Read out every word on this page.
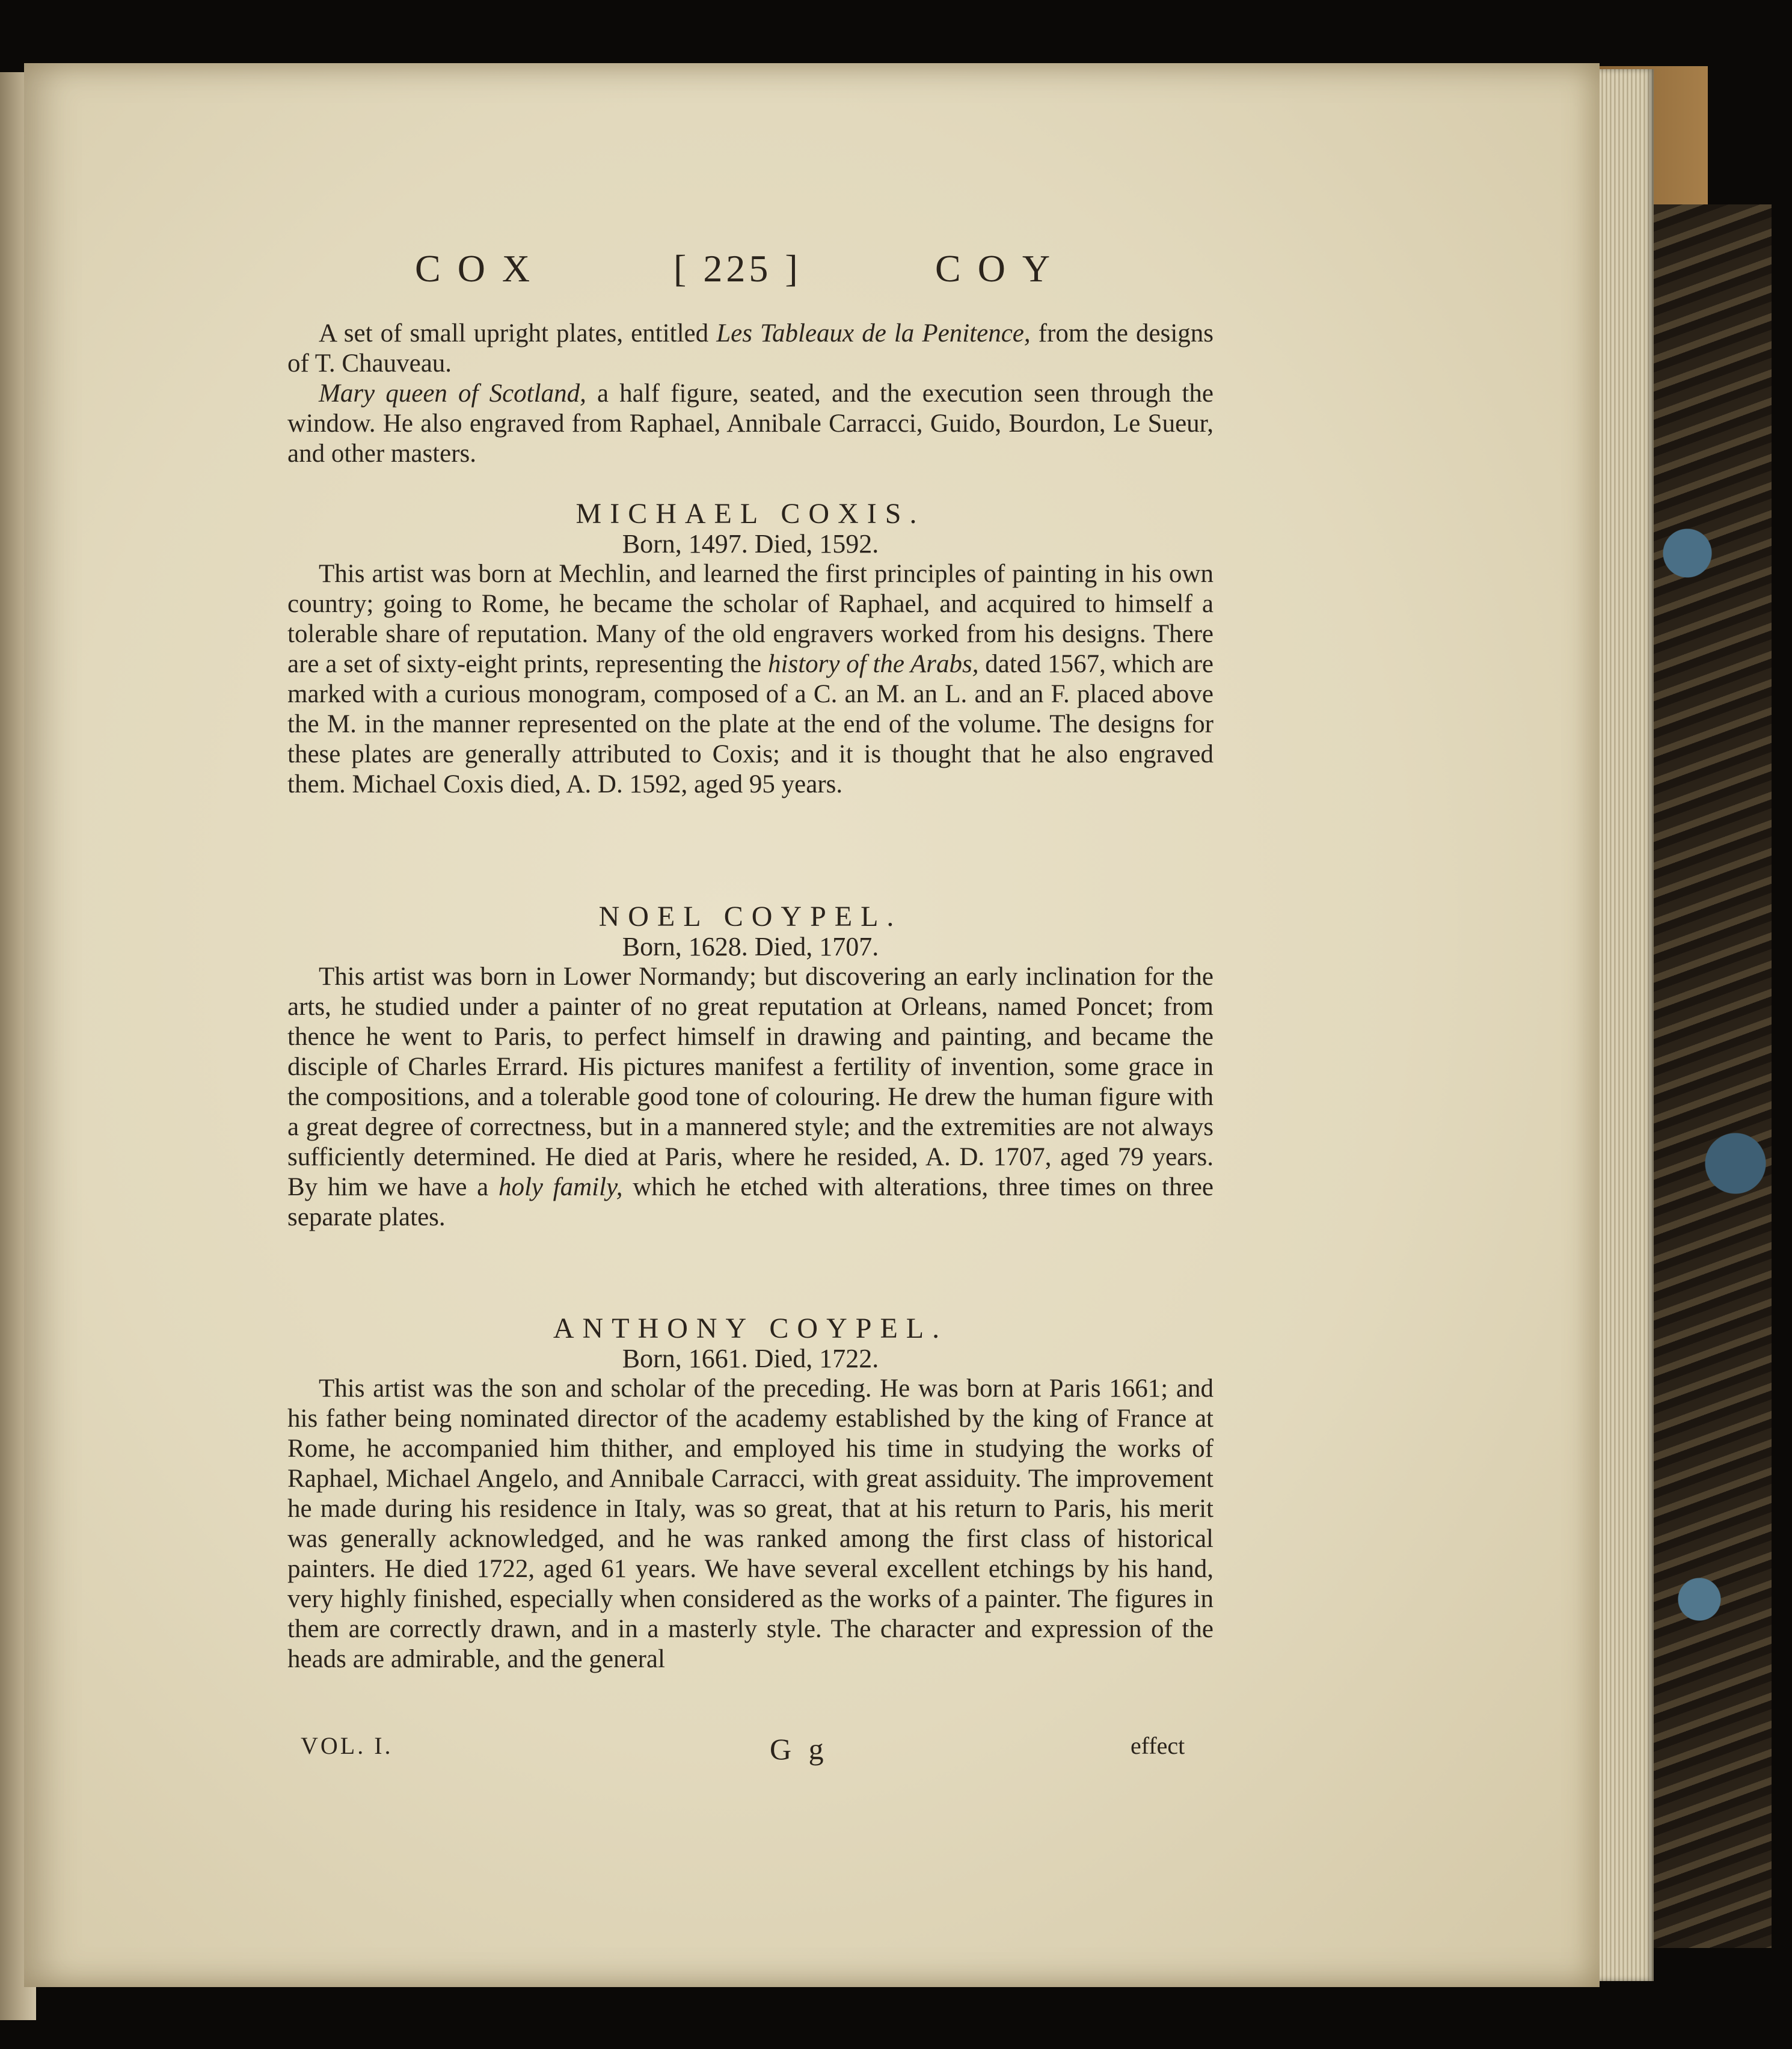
COX	[ 225 ]	COY

A set of small upright plates, entitled Les Tableaux de la Penitence, from the designs of T. Chauveau.

Mary queen of Scotland, a half figure, seated, and the execution seen through the window. He also engraved from Raphael, Annibale Carracci, Guido, Bourdon, Le Sueur, and other masters.

MICHAEL COXIS.

Born, 1497. Died, 1592.

This artist was born at Mechlin, and learned the first principles of painting in his own country; going to Rome, he became the scholar of Raphael, and acquired to himself a tolerable share of reputation. Many of the old engravers worked from his designs. There are a set of sixty-eight prints, representing the history of the Arabs, dated 1567, which are marked with a curious monogram, composed of a C. an M. an L. and an F. placed above the M. in the manner represented on the plate at the end of the volume. The designs for these plates are generally attributed to Coxis; and it is thought that he also engraved them. Michael Coxis died, A. D. 1592, aged 95 years.

NOEL COYPEL.

Born, 1628. Died, 1707.

This artist was born in Lower Normandy; but discovering an early inclination for the arts, he studied under a painter of no great reputation at Orleans, named Poncet; from thence he went to Paris, to perfect himself in drawing and painting, and became the disciple of Charles Errard. His pictures manifest a fertility of invention, some grace in the compositions, and a tolerable good tone of colouring. He drew the human figure with a great degree of correctness, but in a mannered style; and the extremities are not always sufficiently determined. He died at Paris, where he resided, A. D. 1707, aged 79 years. By him we have a holy family, which he etched with alterations, three times on three separate plates.

ANTHONY COYPEL.

Born, 1661. Died, 1722.

This artist was the son and scholar of the preceding. He was born at Paris 1661; and his father being nominated director of the academy established by the king of France at Rome, he accompanied him thither, and employed his time in studying the works of Raphael, Michael Angelo, and Annibale Carracci, with great assiduity. The improvement he made during his residence in Italy, was so great, that at his return to Paris, his merit was generally acknowledged, and he was ranked among the first class of historical painters. He died 1722, aged 61 years. We have several excellent etchings by his hand, very highly finished, especially when considered as the works of a painter. The figures in them are correctly drawn, and in a masterly style. The character and expression of the heads are admirable, and the general

VOL. I.	G g	effect
